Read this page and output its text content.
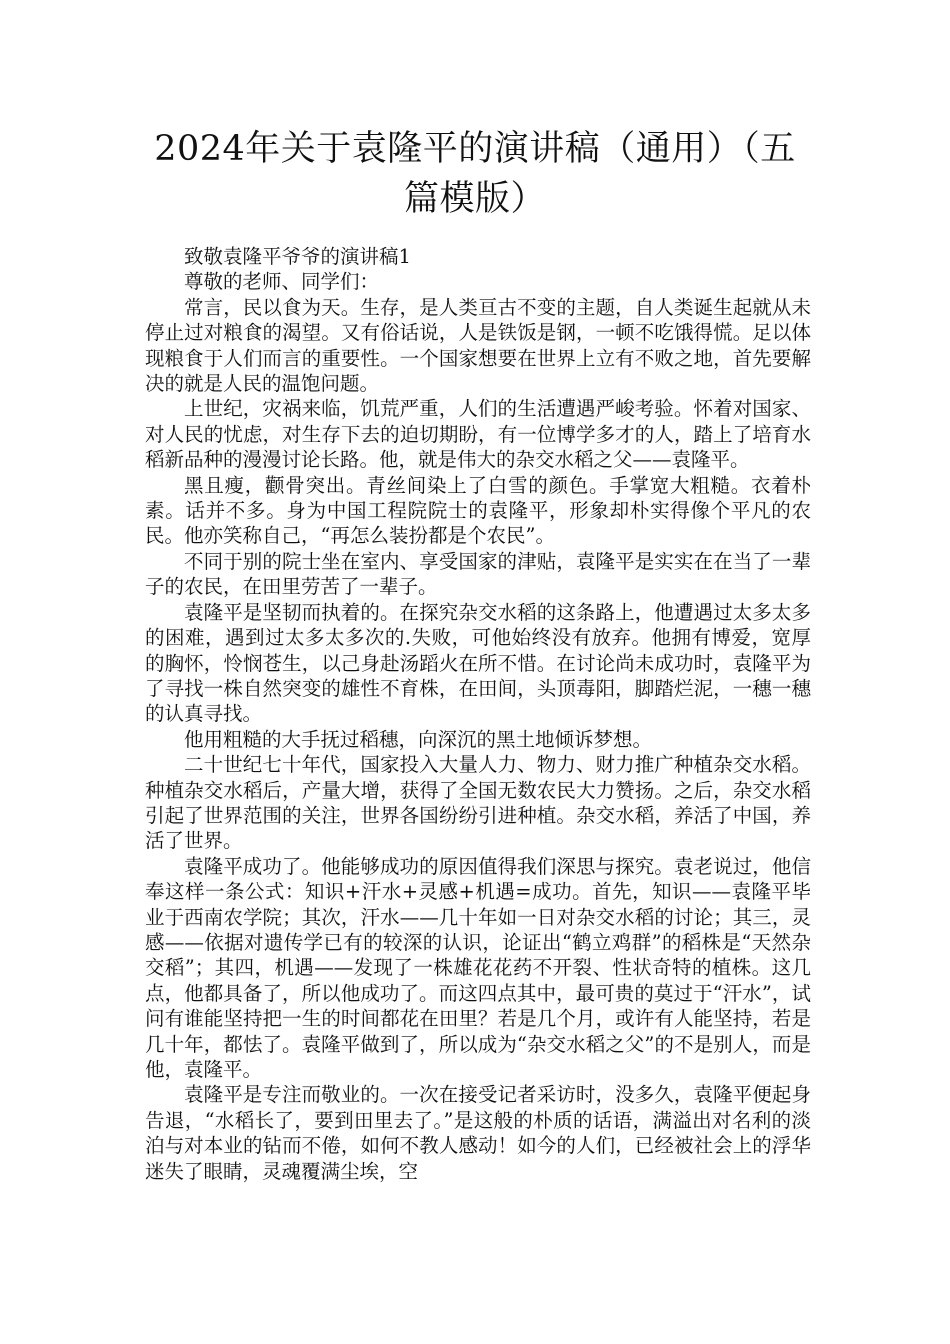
2024年关于袁隆平的演讲稿（通用）（五篇模版）

致敬袁隆平爷爷的演讲稿1

尊敬的老师、同学们：

常言，民以食为天。生存，是人类亘古不变的主题，自人类诞生起就从未停止过对粮食的渴望。又有俗话说，人是铁饭是钢，一顿不吃饿得慌。足以体现粮食于人们而言的重要性。一个国家想要在世界上立有不败之地，首先要解决的就是人民的温饱问题。

上世纪，灾祸来临，饥荒严重，人们的生活遭遇严峻考验。怀着对国家、对人民的忧虑，对生存下去的迫切期盼，有一位博学多才的人，踏上了培育水稻新品种的漫漫讨论长路。他，就是伟大的杂交水稻之父——袁隆平。

黑且瘦，颧骨突出。青丝间染上了白雪的颜色。手掌宽大粗糙。衣着朴素。话并不多。身为中国工程院院士的袁隆平，形象却朴实得像个平凡的农民。他亦笑称自己，“再怎么装扮都是个农民”。

不同于别的院士坐在室内、享受国家的津贴，袁隆平是实实在在当了一辈子的农民，在田里劳苦了一辈子。

袁隆平是坚韧而执着的。在探究杂交水稻的这条路上，他遭遇过太多太多的困难，遇到过太多太多次的.失败，可他始终没有放弃。他拥有博爱，宽厚的胸怀，怜悯苍生，以己身赴汤蹈火在所不惜。在讨论尚未成功时，袁隆平为了寻找一株自然突变的雄性不育株，在田间，头顶毒阳，脚踏烂泥，一穗一穗的认真寻找。

他用粗糙的大手抚过稻穗，向深沉的黑土地倾诉梦想。

二十世纪七十年代，国家投入大量人力、物力、财力推广种植杂交水稻。种植杂交水稻后，产量大增，获得了全国无数农民大力赞扬。之后，杂交水稻引起了世界范围的关注，世界各国纷纷引进种植。杂交水稻，养活了中国，养活了世界。

袁隆平成功了。他能够成功的原因值得我们深思与探究。袁老说过，他信奉这样一条公式：知识+汗水+灵感+机遇=成功。首先，知识——袁隆平毕业于西南农学院；其次，汗水——几十年如一日对杂交水稻的讨论；其三，灵感——依据对遗传学已有的较深的认识，论证出“鹤立鸡群”的稻株是“天然杂交稻”；其四，机遇——发现了一株雄花花药不开裂、性状奇特的植株。这几点，他都具备了，所以他成功了。而这四点其中，最可贵的莫过于“汗水”，试问有谁能坚持把一生的时间都花在田里？若是几个月，或许有人能坚持，若是几十年，都怯了。袁隆平做到了，所以成为“杂交水稻之父”的不是别人，而是他，袁隆平。

袁隆平是专注而敬业的。一次在接受记者采访时，没多久，袁隆平便起身告退，“水稻长了，要到田里去了。”是这般的朴质的话语，满溢出对名利的淡泊与对本业的钻而不倦，如何不教人感动！如今的人们，已经被社会上的浮华迷失了眼睛，灵魂覆满尘埃，空
